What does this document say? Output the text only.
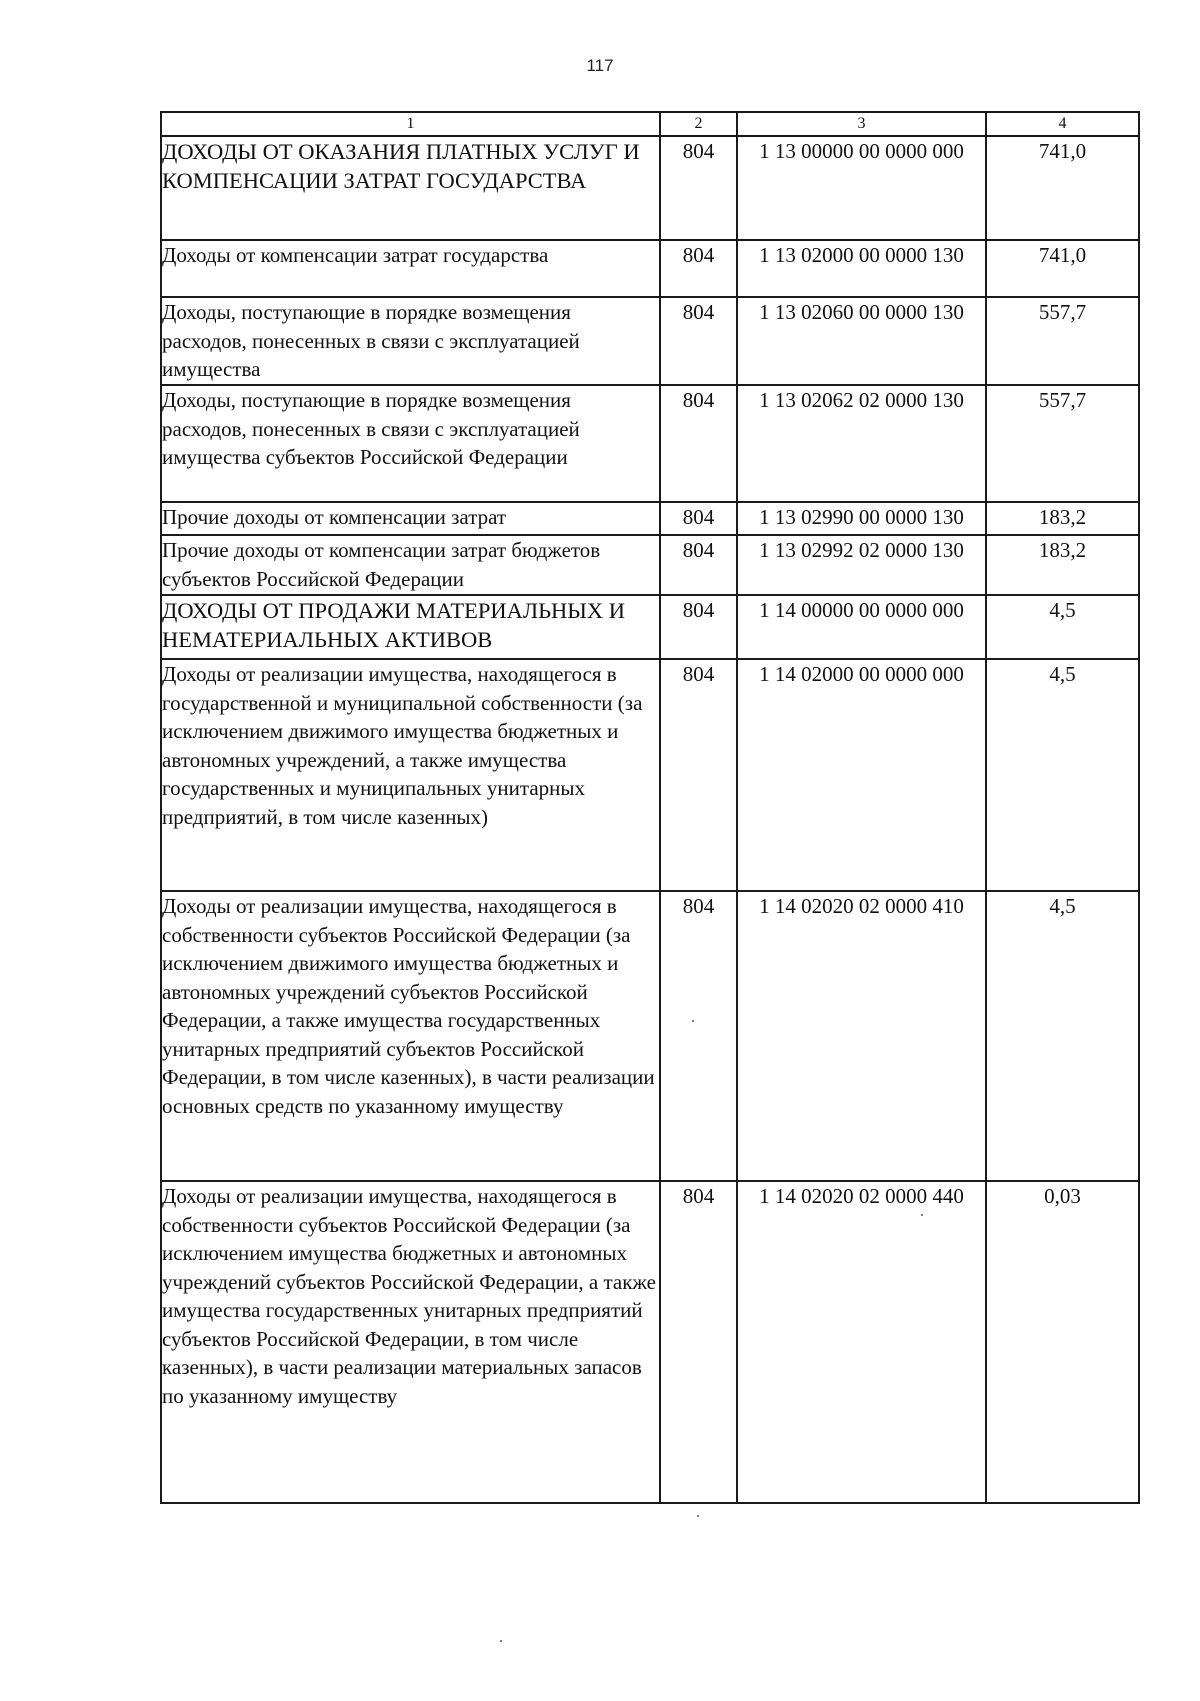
117
1	2	3	4
ДОХОДЫ ОТ ОКАЗАНИЯ ПЛАТНЫХ УСЛУГ И КОМПЕНСАЦИИ ЗАТРАТ ГОСУДАРСТВА	804	1 13 00000 00 0000 000	741,0
Доходы от компенсации затрат государства	804	1 13 02000 00 0000 130	741,0
Доходы, поступающие в порядке возмещения расходов, понесенных в связи с эксплуатацией имущества	804	1 13 02060 00 0000 130	557,7
Доходы, поступающие в порядке возмещения расходов, понесенных в связи с эксплуатацией имущества субъектов Российской Федерации	804	1 13 02062 02 0000 130	557,7
Прочие доходы от компенсации затрат	804	1 13 02990 00 0000 130	183,2
Прочие доходы от компенсации затрат бюджетов субъектов Российской Федерации	804	1 13 02992 02 0000 130	183,2
ДОХОДЫ ОТ ПРОДАЖИ МАТЕРИАЛЬНЫХ И НЕМАТЕРИАЛЬНЫХ АКТИВОВ	804	1 14 00000 00 0000 000	4,5
Доходы от реализации имущества, находящегося в государственной и муниципальной собственности (за исключением движимого имущества бюджетных и автономных учреждений, а также имущества государственных и муниципальных унитарных предприятий, в том числе казенных)	804	1 14 02000 00 0000 000	4,5
Доходы от реализации имущества, находящегося в собственности субъектов Российской Федерации (за исключением движимого имущества бюджетных и автономных учреждений субъектов Российской Федерации, а также имущества государственных унитарных предприятий субъектов Российской Федерации, в том числе казенных), в части реализации основных средств по указанному имуществу	804	1 14 02020 02 0000 410	4,5
Доходы от реализации имущества, находящегося в собственности субъектов Российской Федерации (за исключением имущества бюджетных и автономных учреждений субъектов Российской Федерации, а также имущества государственных унитарных предприятий субъектов Российской Федерации, в том числе казенных), в части реализации материальных запасов по указанному имуществу	804	1 14 02020 02 0000 440	0,03
